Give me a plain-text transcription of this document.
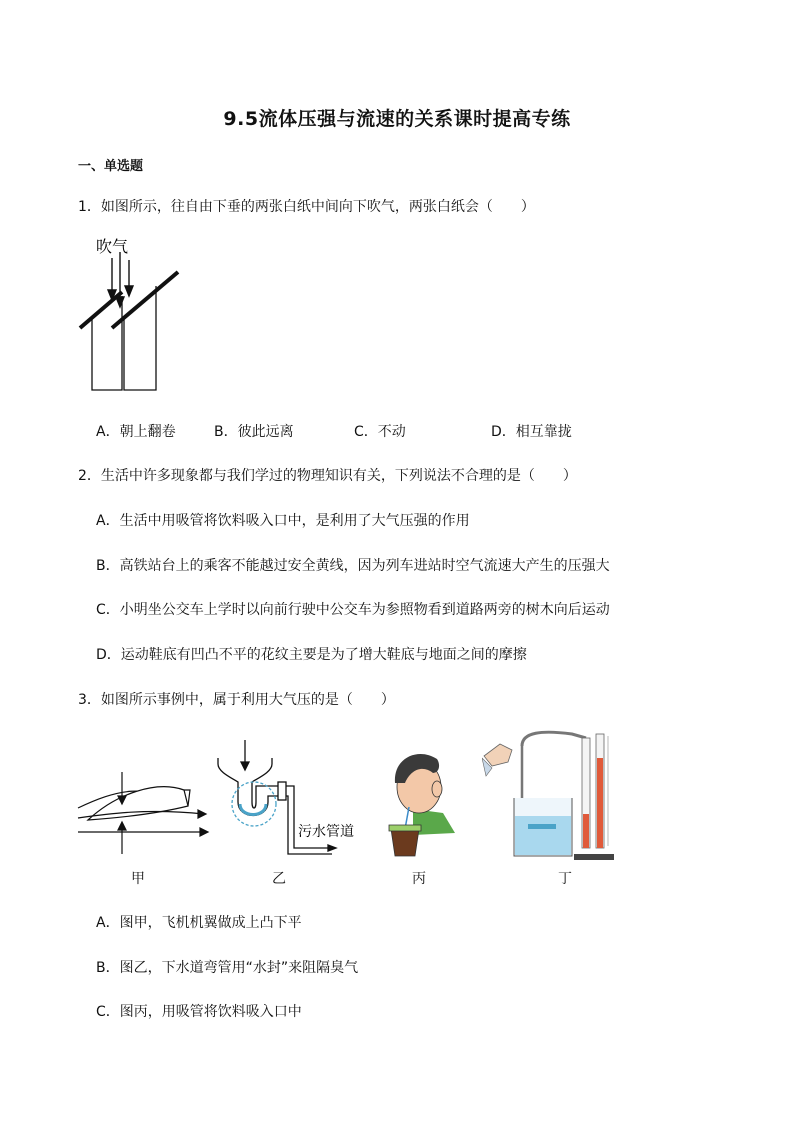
9.5流体压强与流速的关系课时提高专练
一、单选题
1．如图所示，往自由下垂的两张白纸中间向下吹气，两张白纸会（　　）
吹气
A．朝上翻卷	B．彼此远离	C．不动	D．相互靠拢
2．生活中许多现象都与我们学过的物理知识有关，下列说法不合理的是（　　）
A．生活中用吸管将饮料吸入口中，是利用了大气压强的作用
B．高铁站台上的乘客不能越过安全黄线，因为列车进站时空气流速大产生的压强大
C．小明坐公交车上学时以向前行驶中公交车为参照物看到道路两旁的树木向后运动
D．运动鞋底有凹凸不平的花纹主要是为了增大鞋底与地面之间的摩擦
3．如图所示事例中，属于利用大气压的是（　　）
甲
污水管道
乙	丙	丁
A．图甲，飞机机翼做成上凸下平
B．图乙，下水道弯管用“水封”来阻隔臭气
C．图丙，用吸管将饮料吸入口中
